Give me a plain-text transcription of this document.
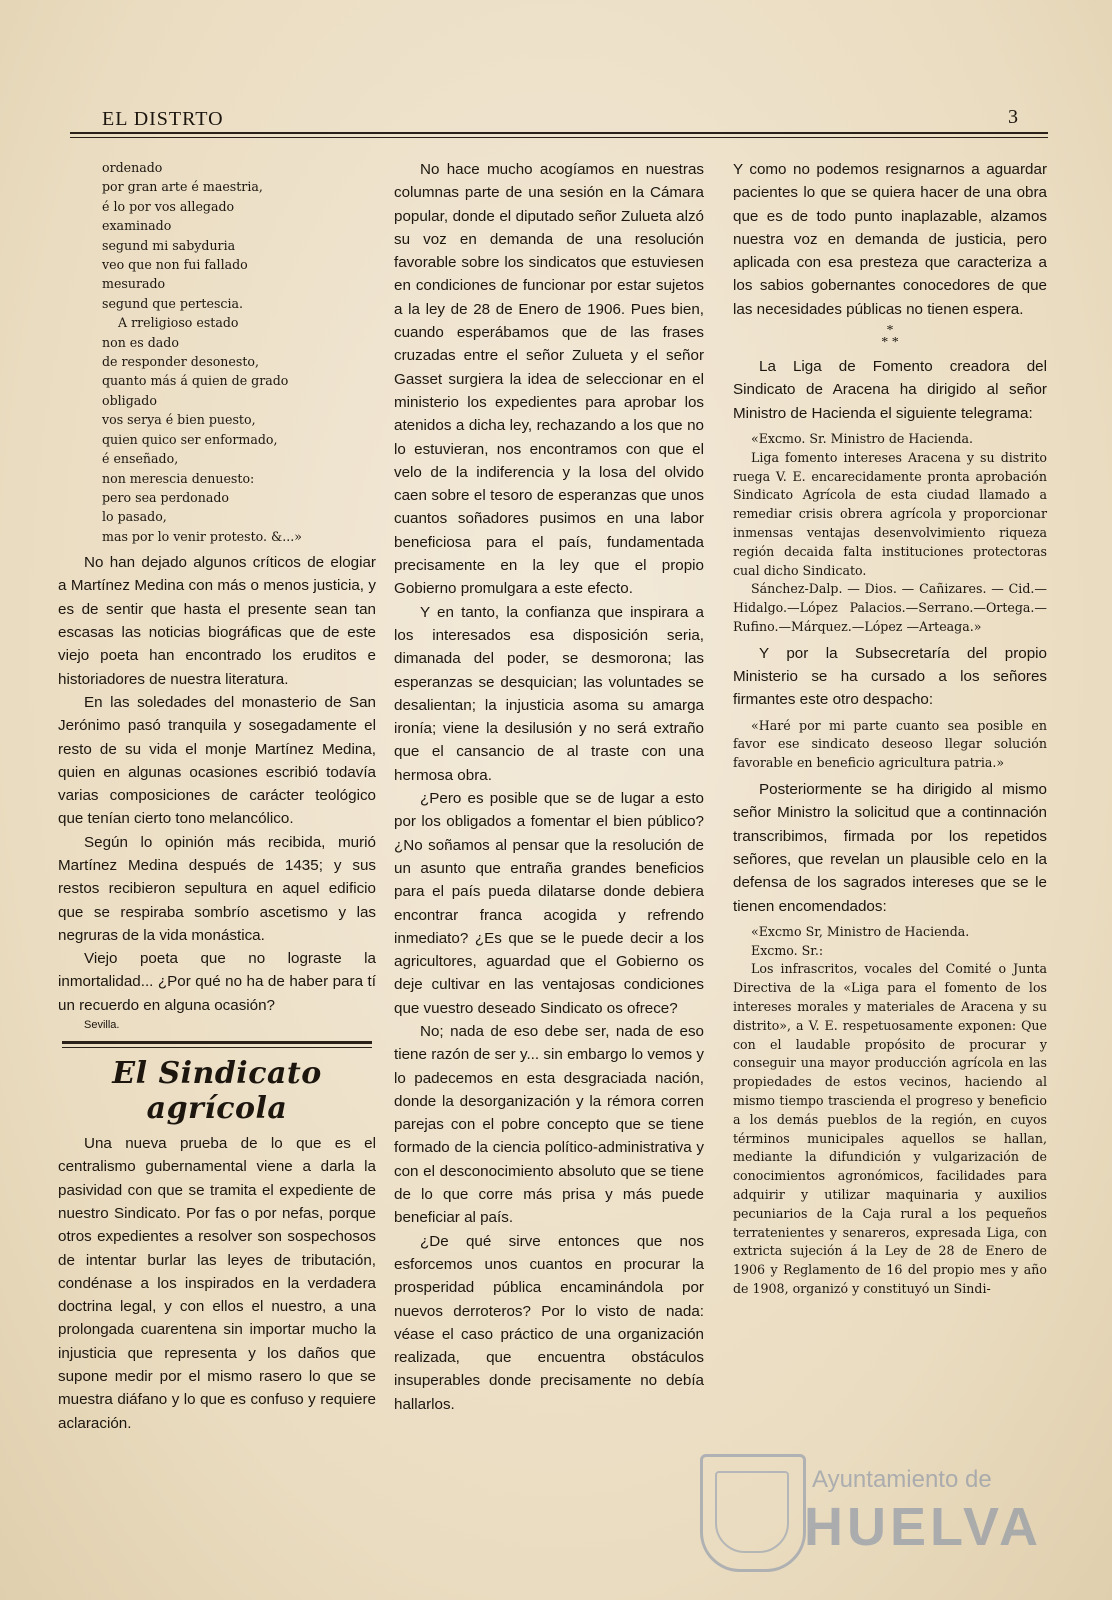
EL DISTRTO	3
ordenado
por gran arte é maestria,
é lo por vos allegado
examinado
segund mi sabyduria
veo que non fui fallado
mesurado
segund que pertescia.
A rreligioso estado
non es dado
de responder desonesto,
quanto más á quien de grado
obligado
vos serya é bien puesto,
quien quico ser enformado,
é enseñado,
non merescia denuesto:
pero sea perdonado
lo pasado,
mas por lo venir protesto. &...»

No han dejado algunos críticos de elogiar a Martínez Medina con más o menos justicia, y es de sentir que hasta el presente sean tan escasas las noticias biográficas que de este viejo poeta han encontrado los eruditos e historiadores de nuestra literatura.

En las soledades del monasterio de San Jerónimo pasó tranquila y sosegadamente el resto de su vida el monje Martínez Medina, quien en algunas ocasiones escribió todavía varias composiciones de carácter teológico que tenían cierto tono melancólico.

Según lo opinión más recibida, murió Martínez Medina después de 1435; y sus restos recibieron sepultura en aquel edificio que se respiraba sombrío ascetismo y las negruras de la vida monástica.

Viejo poeta que no lograste la inmortalidad... ¿Por qué no ha de haber para tí un recuerdo en alguna ocasión?

Sevilla.
El Sindicato agrícola

Una nueva prueba de lo que es el centralismo gubernamental viene a darla la pasividad con que se tramita el expediente de nuestro Sindicato. Por fas o por nefas, porque otros expedientes a resolver son sospechosos de intentar burlar las leyes de tributación, condénase a los inspirados en la verdadera doctrina legal, y con ellos el nuestro, a una prolongada cuarentena sin importar mucho la injusticia que representa y los daños que supone medir por el mismo rasero lo que se muestra diáfano y lo que es confuso y requiere aclaración.

No hace mucho acogíamos en nuestras columnas parte de una sesión en la Cámara popular, donde el diputado señor Zulueta alzó su voz en demanda de una resolución favorable sobre los sindicatos que estuviesen en condiciones de funcionar por estar sujetos a la ley de 28 de Enero de 1906. Pues bien, cuando esperábamos que de las frases cruzadas entre el señor Zulueta y el señor Gasset surgiera la idea de seleccionar en el ministerio los expedientes para aprobar los atenidos a dicha ley, rechazando a los que no lo estuvieran, nos encontramos con que el velo de la indiferencia y la losa del olvido caen sobre el tesoro de esperanzas que unos cuantos soñadores pusimos en una labor beneficiosa para el país, fundamentada precisamente en la ley que el propio Gobierno promulgara a este efecto.

Y en tanto, la confianza que inspirara a los interesados esa disposición seria, dimanada del poder, se desmorona; las esperanzas se desquician; las voluntades se desalientan; la injusticia asoma su amarga ironía; viene la desilusión y no será extraño que el cansancio de al traste con una hermosa obra.

¿Pero es posible que se de lugar a esto por los obligados a fomentar el bien público? ¿No soñamos al pensar que la resolución de un asunto que entraña grandes beneficios para el país pueda dilatarse donde debiera encontrar franca acogida y refrendo inmediato? ¿Es que se le puede decir a los agricultores, aguardad que el Gobierno os deje cultivar en las ventajosas condiciones que vuestro deseado Sindicato os ofrece?

No; nada de eso debe ser, nada de eso tiene razón de ser y... sin embargo lo vemos y lo padecemos en esta desgraciada nación, donde la desorganización y la rémora corren parejas con el pobre concepto que se tiene formado de la ciencia político-administrativa y con el desconocimiento absoluto que se tiene de lo que corre más prisa y más puede beneficiar al país.

¿De qué sirve entonces que nos esforcemos unos cuantos en procurar la prosperidad pública encaminándola por nuevos derroteros? Por lo visto de nada: véase el caso práctico de una organización realizada, que encuentra obstáculos insuperables donde precisamente no debía hallarlos.

Y como no podemos resignarnos a aguardar pacientes lo que se quiera hacer de una obra que es de todo punto inaplazable, alzamos nuestra voz en demanda de justicia, pero aplicada con esa presteza que caracteriza a los sabios gobernantes conocedores de que las necesidades públicas no tienen espera.

*
* *

La Liga de Fomento creadora del Sindicato de Aracena ha dirigido al señor Ministro de Hacienda el siguiente telegrama:

«Excmo. Sr. Ministro de Hacienda.

Liga fomento intereses Aracena y su distrito ruega V. E. encarecidamente pronta aprobación Sindicato Agrícola de esta ciudad llamado a remediar crisis obrera agrícola y proporcionar inmensas ventajas desenvolvimiento riqueza región decaida falta instituciones protectoras cual dicho Sindicato.

Sánchez-Dalp. — Dios. — Cañizares. — Cid.—Hidalgo.—López Palacios.—Serrano.—Ortega.—Rufino.—Márquez.—López —Arteaga.»

Y por la Subsecretaría del propio Ministerio se ha cursado a los señores firmantes este otro despacho:

«Haré por mi parte cuanto sea posible en favor ese sindicato deseoso llegar solución favorable en beneficio agricultura patria.»

Posteriormente se ha dirigido al mismo señor Ministro la solicitud que a continnación transcribimos, firmada por los repetidos señores, que revelan un plausible celo en la defensa de los sagrados intereses que se le tienen encomendados:

«Excmo Sr, Ministro de Hacienda.

Excmo. Sr.:

Los infrascritos, vocales del Comité o Junta Directiva de la «Liga para el fomento de los intereses morales y materiales de Aracena y su distrito», a V. E. respetuosamente exponen: Que con el laudable propósito de procurar y conseguir una mayor producción agrícola en las propiedades de estos vecinos, haciendo al mismo tiempo trascienda el progreso y beneficio a los demás pueblos de la región, en cuyos términos municipales aquellos se hallan, mediante la difundición y vulgarización de conocimientos agronómicos, facilidades para adquirir y utilizar maquinaria y auxilios pecuniarios de la Caja rural a los pequeños terratenientes y senareros, expresada Liga, con extricta sujeción á la Ley de 28 de Enero de 1906 y Reglamento de 16 del propio mes y año de 1908, organizó y constituyó un Sindi-

Ayuntamiento de
HUELVA
